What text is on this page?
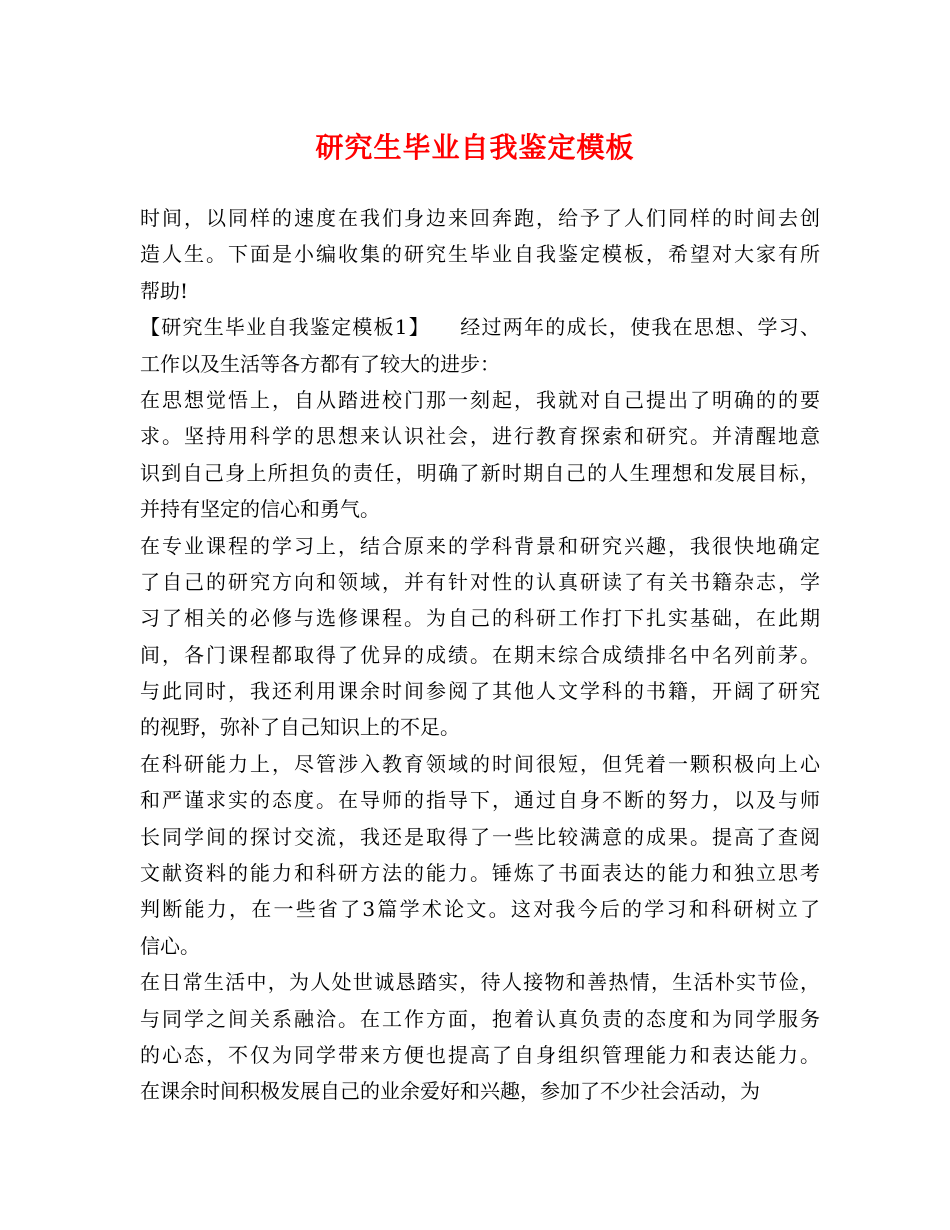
研究生毕业自我鉴定模板
时间，以同样的速度在我们身边来回奔跑，给予了人们同样的时间去创
造人生。下面是小编收集的研究生毕业自我鉴定模板，希望对大家有所
帮助!
【研究生毕业自我鉴定模板1】    经过两年的成长，使我在思想、学习、
工作以及生活等各方都有了较大的进步：
在思想觉悟上，自从踏进校门那一刻起，我就对自己提出了明确的的要
求。坚持用科学的思想来认识社会，进行教育探索和研究。并清醒地意
识到自己身上所担负的责任，明确了新时期自己的人生理想和发展目标，
并持有坚定的信心和勇气。
在专业课程的学习上，结合原来的学科背景和研究兴趣，我很快地确定
了自己的研究方向和领域，并有针对性的认真研读了有关书籍杂志，学
习了相关的必修与选修课程。为自己的科研工作打下扎实基础，在此期
间，各门课程都取得了优异的成绩。在期末综合成绩排名中名列前茅。
与此同时，我还利用课余时间参阅了其他人文学科的书籍，开阔了研究
的视野，弥补了自己知识上的不足。
在科研能力上，尽管涉入教育领域的时间很短，但凭着一颗积极向上心
和严谨求实的态度。在导师的指导下，通过自身不断的努力，以及与师
长同学间的探讨交流，我还是取得了一些比较满意的成果。提高了查阅
文献资料的能力和科研方法的能力。锤炼了书面表达的能力和独立思考
判断能力，在一些省了3篇学术论文。这对我今后的学习和科研树立了
信心。
在日常生活中，为人处世诚恳踏实，待人接物和善热情，生活朴实节俭，
与同学之间关系融洽。在工作方面，抱着认真负责的态度和为同学服务
的心态，不仅为同学带来方便也提高了自身组织管理能力和表达能力。
在课余时间积极发展自己的业余爱好和兴趣，参加了不少社会活动，为
